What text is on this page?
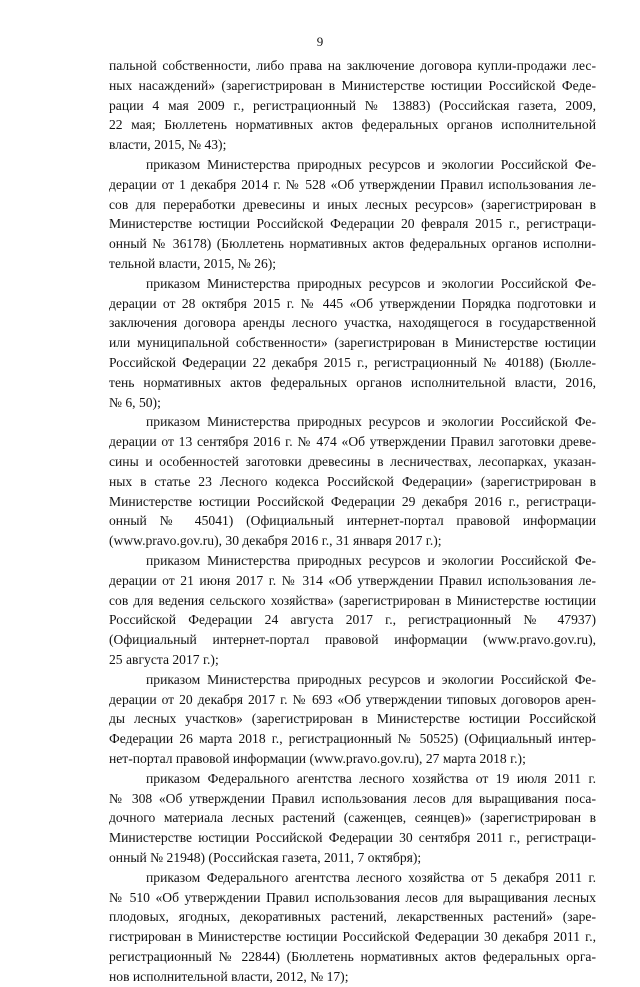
9
пальной собственности, либо права на заключение договора купли-продажи лес-
ных насаждений» (зарегистрирован в Министерстве юстиции Российской Феде-
рации 4 мая 2009 г., регистрационный № 13883) (Российская газета, 2009,
22 мая; Бюллетень нормативных актов федеральных органов исполнительной
власти, 2015, № 43);
приказом Министерства природных ресурсов и экологии Российской Фе-
дерации от 1 декабря 2014 г. № 528 «Об утверждении Правил использования ле-
сов для переработки древесины и иных лесных ресурсов» (зарегистрирован в
Министерстве юстиции Российской Федерации 20 февраля 2015 г., регистраци-
онный № 36178) (Бюллетень нормативных актов федеральных органов исполни-
тельной власти, 2015, № 26);
приказом Министерства природных ресурсов и экологии Российской Фе-
дерации от 28 октября 2015 г. № 445 «Об утверждении Порядка подготовки и
заключения договора аренды лесного участка, находящегося в государственной
или муниципальной собственности» (зарегистрирован в Министерстве юстиции
Российской Федерации 22 декабря 2015 г., регистрационный № 40188) (Бюлле-
тень нормативных актов федеральных органов исполнительной власти, 2016,
№ 6, 50);
приказом Министерства природных ресурсов и экологии Российской Фе-
дерации от 13 сентября 2016 г. № 474 «Об утверждении Правил заготовки древе-
сины и особенностей заготовки древесины в лесничествах, лесопарках, указан-
ных в статье 23 Лесного кодекса Российской Федерации» (зарегистрирован в
Министерстве юстиции Российской Федерации 29 декабря 2016 г., регистраци-
онный № 45041) (Официальный интернет-портал правовой информации
(www.pravo.gov.ru), 30 декабря 2016 г., 31 января 2017 г.);
приказом Министерства природных ресурсов и экологии Российской Фе-
дерации от 21 июня 2017 г. № 314 «Об утверждении Правил использования ле-
сов для ведения сельского хозяйства» (зарегистрирован в Министерстве юстиции
Российской Федерации 24 августа 2017 г., регистрационный № 47937)
(Официальный интернет-портал правовой информации (www.pravo.gov.ru),
25 августа 2017 г.);
приказом Министерства природных ресурсов и экологии Российской Фе-
дерации от 20 декабря 2017 г. № 693 «Об утверждении типовых договоров арен-
ды лесных участков» (зарегистрирован в Министерстве юстиции Российской
Федерации 26 марта 2018 г., регистрационный № 50525) (Официальный интер-
нет-портал правовой информации (www.pravo.gov.ru), 27 марта 2018 г.);
приказом Федерального агентства лесного хозяйства от 19 июля 2011 г.
№ 308 «Об утверждении Правил использования лесов для выращивания поса-
дочного материала лесных растений (саженцев, сеянцев)» (зарегистрирован в
Министерстве юстиции Российской Федерации 30 сентября 2011 г., регистраци-
онный № 21948) (Российская газета, 2011, 7 октября);
приказом Федерального агентства лесного хозяйства от 5 декабря 2011 г.
№ 510 «Об утверждении Правил использования лесов для выращивания лесных
плодовых, ягодных, декоративных растений, лекарственных растений» (заре-
гистрирован в Министерстве юстиции Российской Федерации 30 декабря 2011 г.,
регистрационный № 22844) (Бюллетень нормативных актов федеральных орга-
нов исполнительной власти, 2012, № 17);
